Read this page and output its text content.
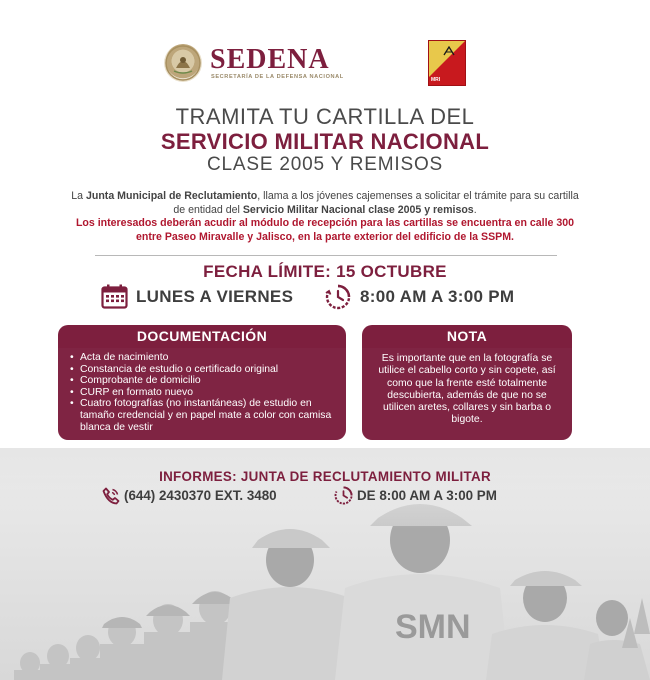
SEDENA
SECRETARÍA DE LA DEFENSA NACIONAL	MRI
TRAMITA TU CARTILLA DEL
SERVICIO MILITAR NACIONAL
CLASE 2005 Y REMISOS
La Junta Municipal de Reclutamiento, llama a los jóvenes cajemenses a solicitar el trámite para su cartilla de entidad del Servicio Militar Nacional clase 2005 y remisos.
Los interesados deberán acudir al módulo de recepción para las cartillas se encuentra en calle 300 entre Paseo Miravalle y Jalisco, en la parte exterior del edificio de la SSPM.
FECHA LÍMITE: 15 OCTUBRE
LUNES A VIERNES	8:00 AM A 3:00 PM
DOCUMENTACIÓN
• Acta de nacimiento
• Constancia de estudio o certificado original
• Comprobante de domicilio
• CURP en formato nuevo
• Cuatro fotografías (no instantáneas) de estudio en tamaño credencial y en papel mate a color con camisa blanca de vestir
NOTA
Es importante que en la fotografía se utilice el cabello corto y sin copete, así como que la frente esté totalmente descubierta, además de que no se utilicen aretes, collares y sin barba o bigote.
INFORMES: JUNTA DE RECLUTAMIENTO MILITAR
(644) 2430370 EXT. 3480	DE 8:00 AM A 3:00 PM
